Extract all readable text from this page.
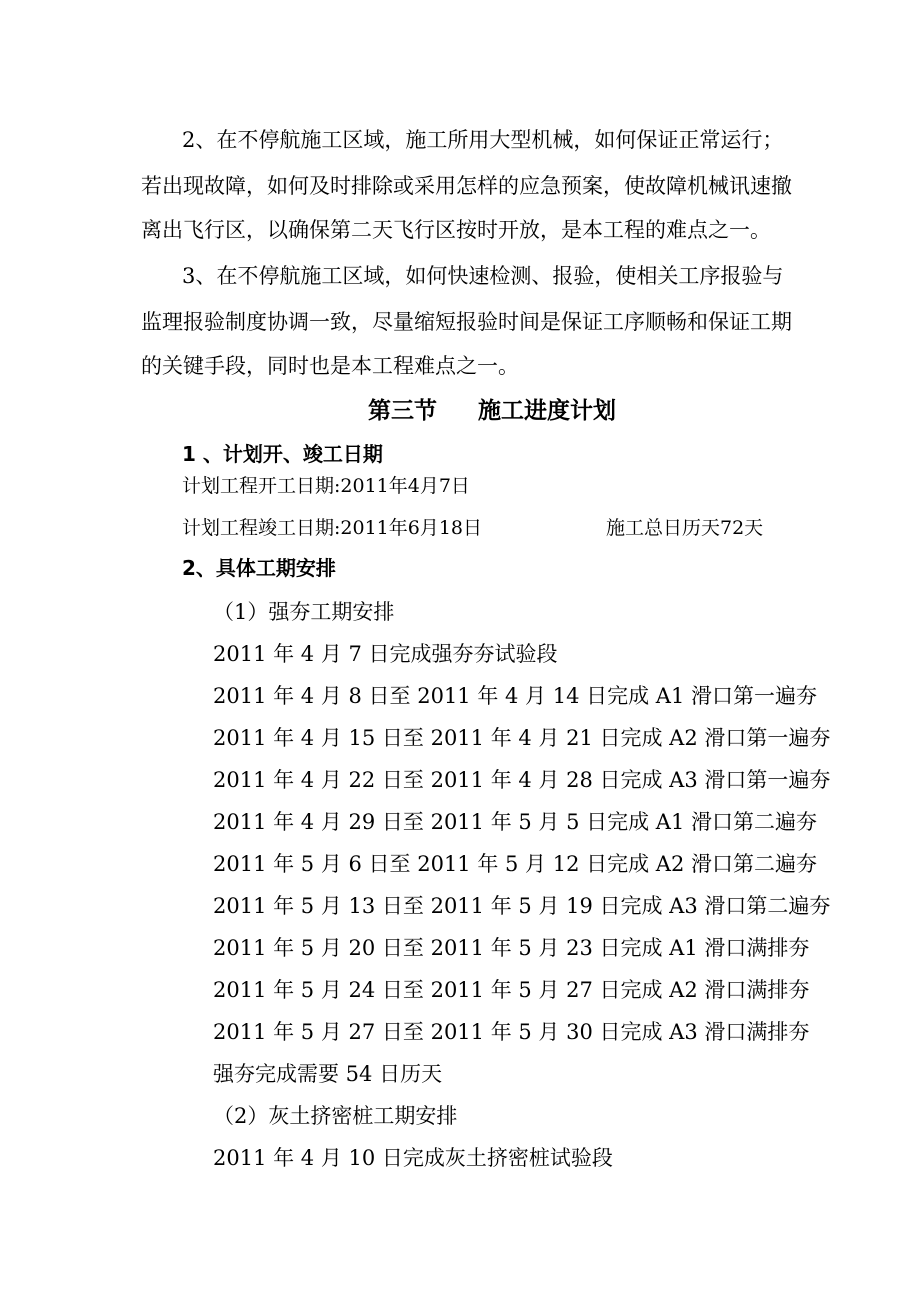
2、在不停航施工区域，施工所用大型机械，如何保证正常运行；
若出现故障，如何及时排除或采用怎样的应急预案，使故障机械讯速撤
离出飞行区，以确保第二天飞行区按时开放，是本工程的难点之一。
3、在不停航施工区域，如何快速检测、报验，使相关工序报验与
监理报验制度协调一致，尽量缩短报验时间是保证工序顺畅和保证工期
的关键手段，同时也是本工程难点之一。
第三节 施工进度计划
1 、计划开、竣工日期
计划工程开工日期:2011年4月7日
计划工程竣工日期:2011年6月18日	施工总日历天72天
2、具体工期安排
（1）强夯工期安排
2011 年 4 月 7 日完成强夯夯试验段
2011 年 4 月 8 日至 2011 年 4 月 14 日完成 A1 滑口第一遍夯
2011 年 4 月 15 日至 2011 年 4 月 21 日完成 A2 滑口第一遍夯
2011 年 4 月 22 日至 2011 年 4 月 28 日完成 A3 滑口第一遍夯
2011 年 4 月 29 日至 2011 年 5 月 5 日完成 A1 滑口第二遍夯
2011 年 5 月 6 日至 2011 年 5 月 12 日完成 A2 滑口第二遍夯
2011 年 5 月 13 日至 2011 年 5 月 19 日完成 A3 滑口第二遍夯
2011 年 5 月 20 日至 2011 年 5 月 23 日完成 A1 滑口满排夯
2011 年 5 月 24 日至 2011 年 5 月 27 日完成 A2 滑口满排夯
2011 年 5 月 27 日至 2011 年 5 月 30 日完成 A3 滑口满排夯
强夯完成需要 54 日历天
（2）灰土挤密桩工期安排
2011 年 4 月 10 日完成灰土挤密桩试验段
